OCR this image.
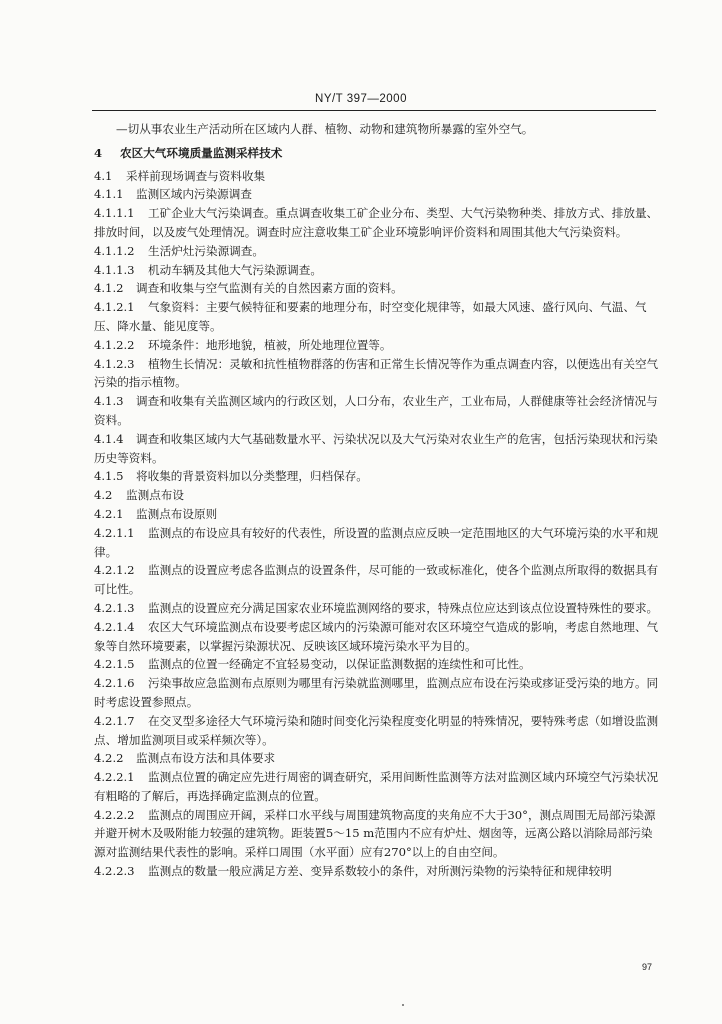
NY/T 397—2000

—切从事农业生产活动所在区域内人群、植物、动物和建筑物所暴露的室外空气。

4 农区大气环境质量监测采样技术

4.1 采样前现场调查与资料收集

4.1.1 监测区域内污染源调查

4.1.1.1 工矿企业大气污染调查。重点调查收集工矿企业分布、类型、大气污染物种类、排放方式、排放量、排放时间，以及废气处理情况。调查时应注意收集工矿企业环境影响评价资料和周围其他大气污染资料。

4.1.1.2 生活炉灶污染源调查。

4.1.1.3 机动车辆及其他大气污染源调查。

4.1.2 调查和收集与空气监测有关的自然因素方面的资料。

4.1.2.1 气象资料：主要气候特征和要素的地理分布，时空变化规律等，如最大风速、盛行风向、气温、气压、降水量、能见度等。

4.1.2.2 环境条件：地形地貌，植被，所处地理位置等。

4.1.2.3 植物生长情况：灵敏和抗性植物群落的伤害和正常生长情况等作为重点调查内容，以便选出有关空气污染的指示植物。

4.1.3 调查和收集有关监测区域内的行政区划，人口分布，农业生产，工业布局，人群健康等社会经济情况与资料。

4.1.4 调查和收集区域内大气基础数量水平、污染状况以及大气污染对农业生产的危害，包括污染现状和污染历史等资料。

4.1.5 将收集的背景资料加以分类整理，归档保存。

4.2 监测点布设

4.2.1 监测点布设原则

4.2.1.1 监测点的布设应具有较好的代表性，所设置的监测点应反映一定范围地区的大气环境污染的水平和规律。

4.2.1.2 监测点的设置应考虑各监测点的设置条件，尽可能的一致或标准化，使各个监测点所取得的数据具有可比性。

4.2.1.3 监测点的设置应充分满足国家农业环境监测网络的要求，特殊点位应达到该点位设置特殊性的要求。

4.2.1.4 农区大气环境监测点布设要考虑区域内的污染源可能对农区环境空气造成的影响，考虑自然地理、气象等自然环境要素，以掌握污染源状况、反映该区域环境污染水平为目的。

4.2.1.5 监测点的位置一经确定不宜轻易变动，以保证监测数据的连续性和可比性。

4.2.1.6 污染事故应急监测布点原则为哪里有污染就监测哪里，监测点应布设在污染或痑证受污染的地方。同时考虑设置参照点。

4.2.1.7 在交叉型多途径大气环境污染和随时间变化污染程度变化明显的特殊情况，要特殊考虑（如增设监测点、增加监测项目或采样频次等）。

4.2.2 监测点布设方法和具体要求

4.2.2.1 监测点位置的确定应先进行周密的调查研究，采用间断性监测等方法对监测区域内环境空气污染状况有粗略的了解后，再选择确定监测点的位置。

4.2.2.2 监测点的周围应开阔，采样口水平线与周围建筑物高度的夹角应不大于30°，测点周围无局部污染源并避开树木及吸附能力较强的建筑物。距装置5～15 m范围内不应有炉灶、烟囱等，远离公路以消除局部污染源对监测结果代表性的影响。采样口周围（水平面）应有270°以上的自由空间。

4.2.2.3 监测点的数量一般应满足方差、变异系数较小的条件，对所测污染物的污染特征和规律较明

97
